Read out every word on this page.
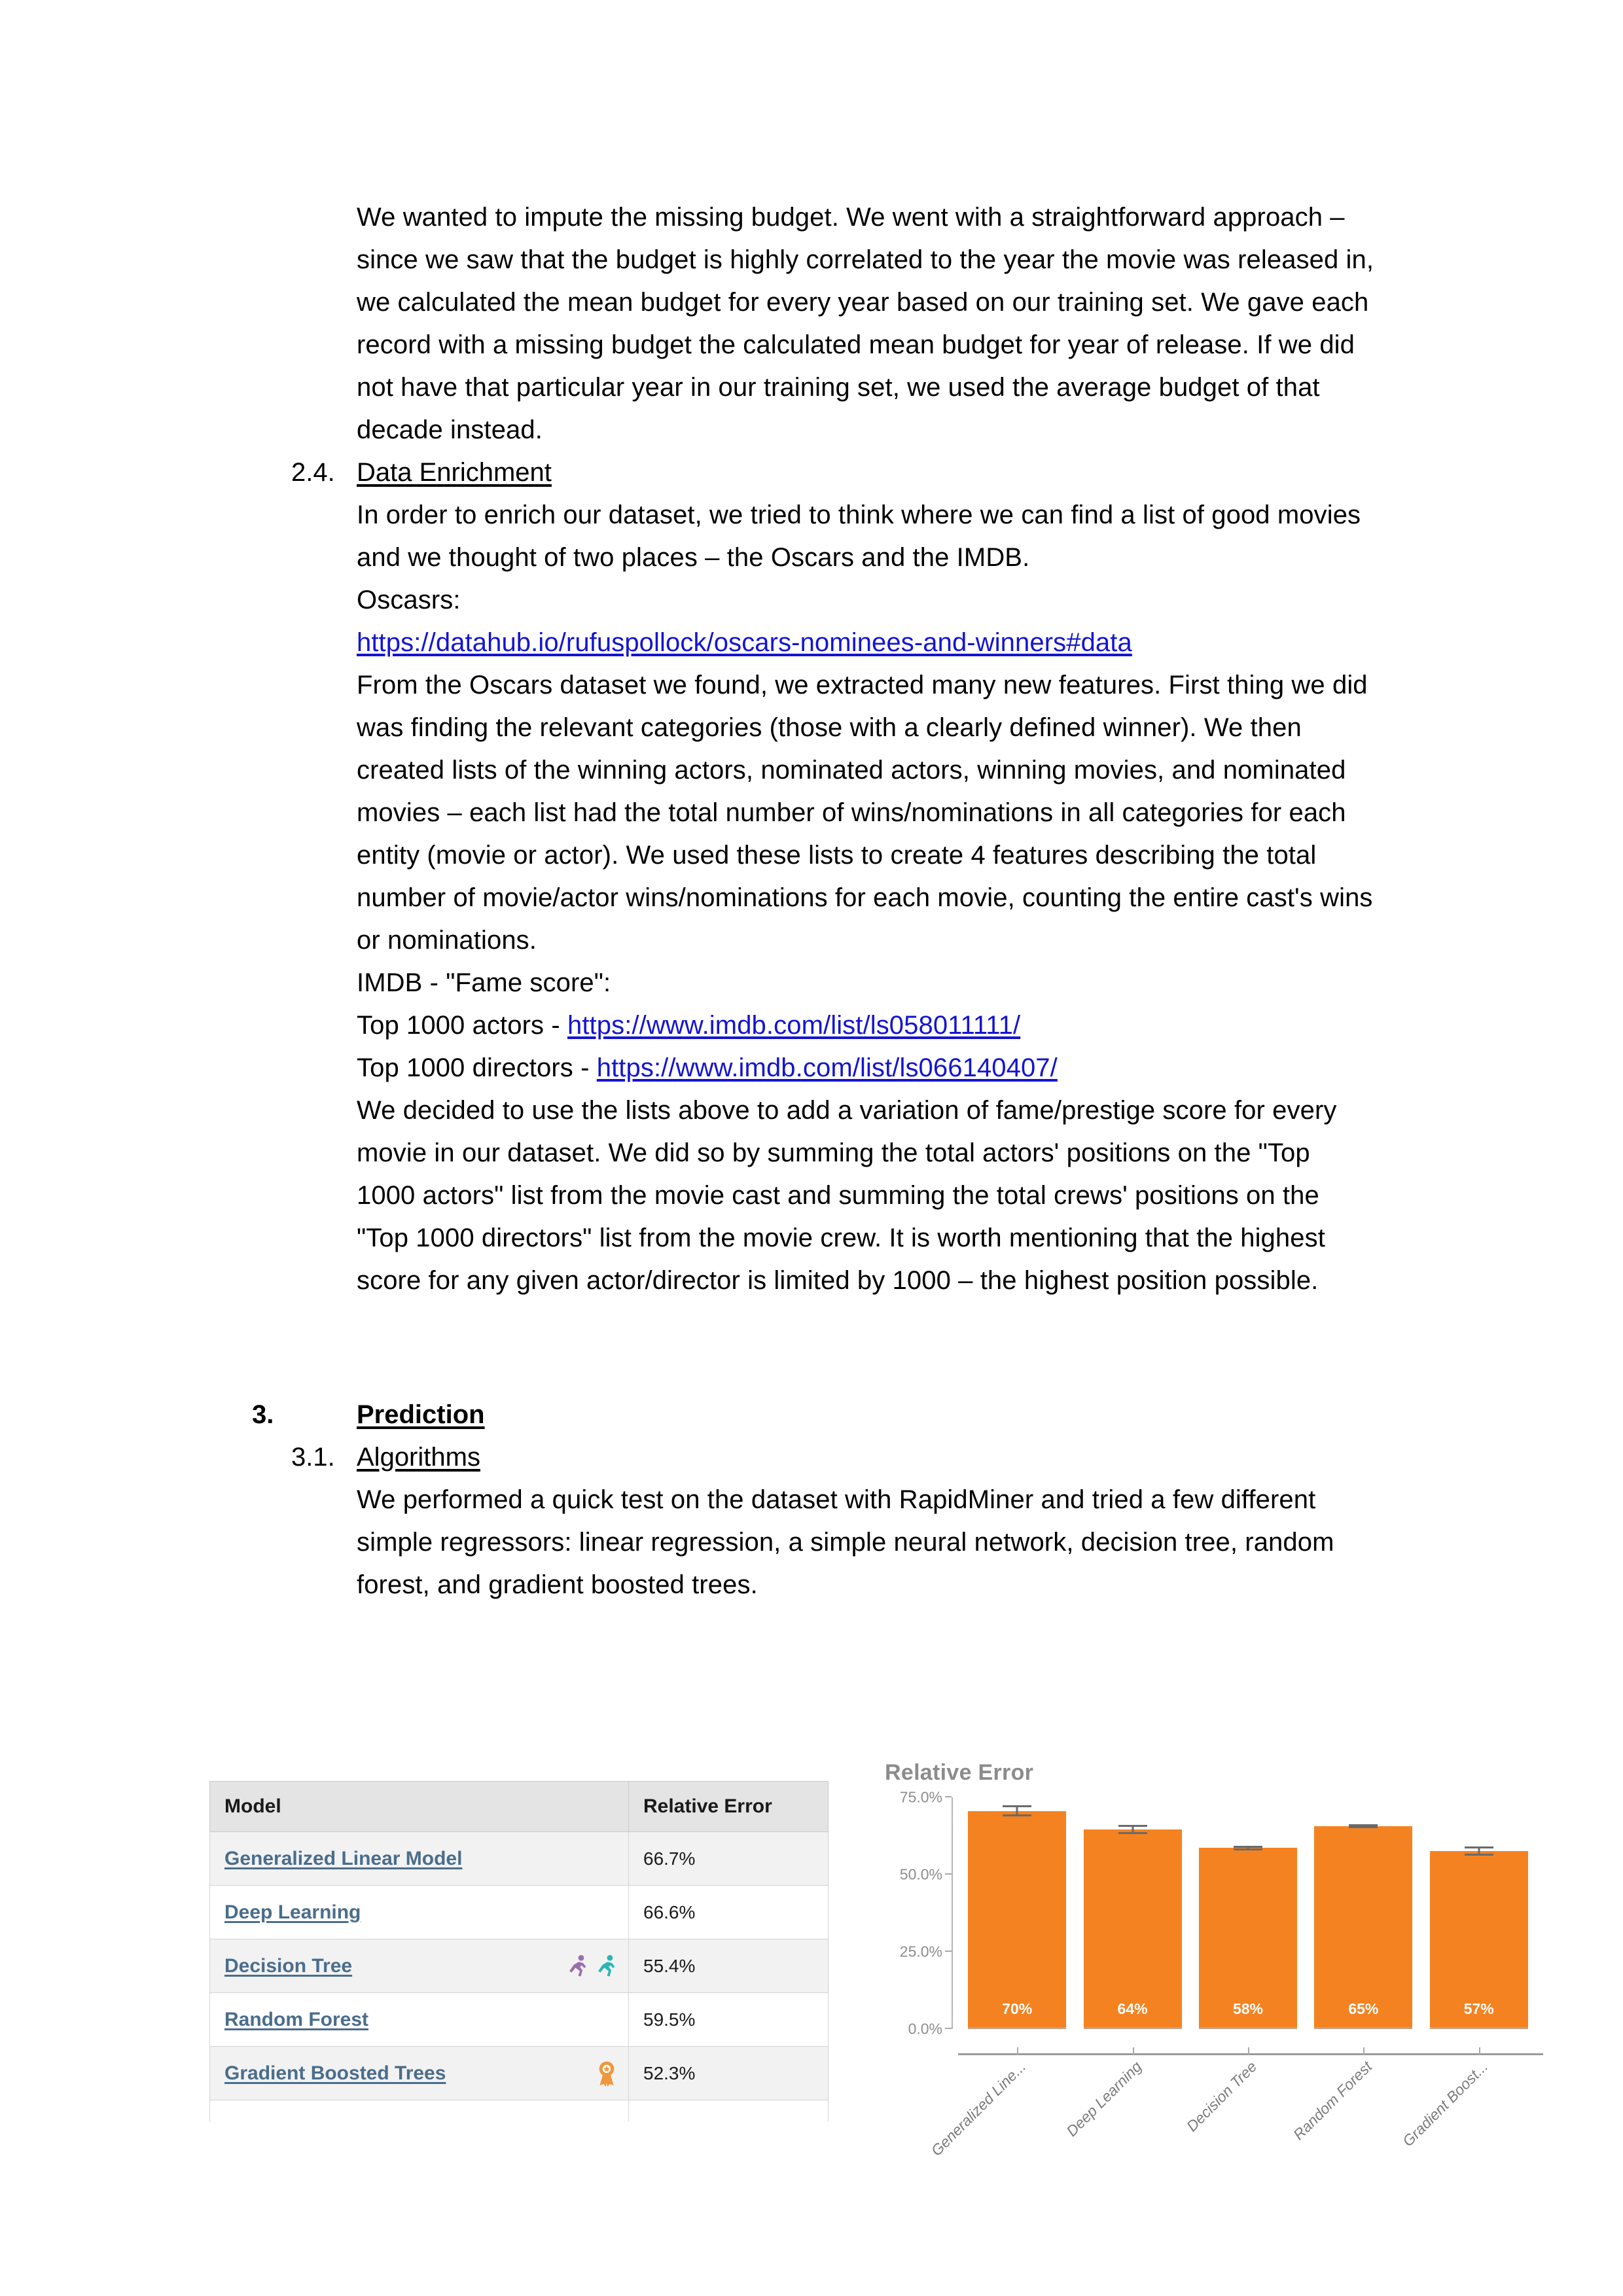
We wanted to impute the missing budget. We went with a straightforward approach – since we saw that the budget is highly correlated to the year the movie was released in, we calculated the mean budget for every year based on our training set. We gave each record with a missing budget the calculated mean budget for year of release. If we did not have that particular year in our training set, we used the average budget of that decade instead.

2.4. Data Enrichment

In order to enrich our dataset, we tried to think where we can find a list of good movies and we thought of two places – the Oscars and the IMDB.

Oscasrs:

https://datahub.io/rufuspollock/oscars-nominees-and-winners#data

From the Oscars dataset we found, we extracted many new features. First thing we did was finding the relevant categories (those with a clearly defined winner). We then created lists of the winning actors, nominated actors, winning movies, and nominated movies – each list had the total number of wins/nominations in all categories for each entity (movie or actor). We used these lists to create 4 features describing the total number of movie/actor wins/nominations for each movie, counting the entire cast's wins or nominations.

IMDB - "Fame score":

Top 1000 actors - https://www.imdb.com/list/ls058011111/

Top 1000 directors - https://www.imdb.com/list/ls066140407/

We decided to use the lists above to add a variation of fame/prestige score for every movie in our dataset. We did so by summing the total actors' positions on the "Top 1000 actors" list from the movie cast and summing the total crews' positions on the "Top 1000 directors" list from the movie crew. It is worth mentioning that the highest score for any given actor/director is limited by 1000 – the highest position possible.

3.	Prediction
3.1. Algorithms

We performed a quick test on the dataset with RapidMiner and tried a few different simple regressors: linear regression, a simple neural network, decision tree, random forest, and gradient boosted trees.

Model	Relative Error
Generalized Linear Model	66.7%
Deep Learning	66.6%
Decision Tree	55.4%
Random Forest	59.5%
Gradient Boosted Trees	52.3%

Relative Error
0.0%
25.0%
50.0%
75.0%
70%	64%	58%	65%	57%
Generalized Line... Deep Learning	Decision Tree Random Forest Gradient Boost...
